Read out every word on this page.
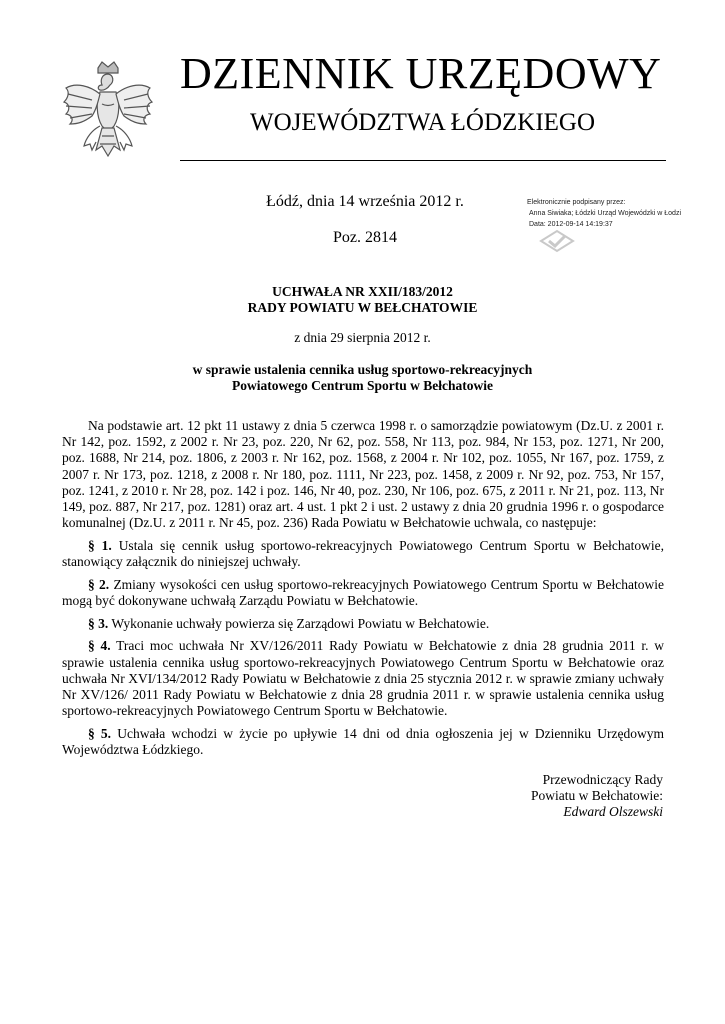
DZIENNIK URZĘDOWY
WOJEWÓDZTWA ŁÓDZKIEGO
Łódź, dnia 14 września 2012 r.
Poz. 2814
Elektronicznie podpisany przez:
Anna Siwiaka; Łódzki Urząd Wojewódzki w Łodzi
Data: 2012-09-14 14:19:37
UCHWAŁA NR XXII/183/2012
RADY POWIATU W BEŁCHATOWIE
z dnia 29 sierpnia 2012 r.
w sprawie ustalenia cennika usług sportowo-rekreacyjnych
Powiatowego Centrum Sportu w Bełchatowie

Na podstawie art. 12 pkt 11 ustawy z dnia 5 czerwca 1998 r. o samorządzie powiatowym (Dz.U. z 2001 r. Nr 142, poz. 1592, z 2002 r. Nr 23, poz. 220, Nr 62, poz. 558, Nr 113, poz. 984, Nr 153, poz. 1271, Nr 200, poz. 1688, Nr 214, poz. 1806, z 2003 r. Nr 162, poz. 1568, z 2004 r. Nr 102, poz. 1055, Nr 167, poz. 1759, z 2007 r. Nr 173, poz. 1218, z 2008 r. Nr 180, poz. 1111, Nr 223, poz. 1458, z 2009 r. Nr 92, poz. 753, Nr 157, poz. 1241, z 2010 r. Nr 28, poz. 142 i poz. 146, Nr 40, poz. 230, Nr 106, poz. 675, z 2011 r. Nr 21, poz. 113, Nr 149, poz. 887, Nr 217, poz. 1281) oraz art. 4 ust. 1 pkt 2 i ust. 2 ustawy z dnia 20 grudnia 1996 r. o gospodarce komunalnej (Dz.U. z 2011 r. Nr 45, poz. 236) Rada Powiatu w Bełchatowie uchwala, co następuje:

§ 1. Ustala się cennik usług sportowo-rekreacyjnych Powiatowego Centrum Sportu w Bełchatowie, stanowiący załącznik do niniejszej uchwały.

§ 2. Zmiany wysokości cen usług sportowo-rekreacyjnych Powiatowego Centrum Sportu w Bełchatowie mogą być dokonywane uchwałą Zarządu Powiatu w Bełchatowie.

§ 3. Wykonanie uchwały powierza się Zarządowi Powiatu w Bełchatowie.

§ 4. Traci moc uchwała Nr XV/126/2011 Rady Powiatu w Bełchatowie z dnia 28 grudnia 2011 r. w sprawie ustalenia cennika usług sportowo-rekreacyjnych Powiatowego Centrum Sportu w Bełchatowie oraz uchwała Nr XVI/134/2012 Rady Powiatu w Bełchatowie z dnia 25 stycznia 2012 r. w sprawie zmiany uchwały Nr XV/126/ 2011 Rady Powiatu w Bełchatowie z dnia 28 grudnia 2011 r. w sprawie ustalenia cennika usług sportowo-rekreacyjnych Powiatowego Centrum Sportu w Bełchatowie.

§ 5. Uchwała wchodzi w życie po upływie 14 dni od dnia ogłoszenia jej w Dzienniku Urzędowym Województwa Łódzkiego.

Przewodniczący Rady
Powiatu w Bełchatowie:
Edward Olszewski
